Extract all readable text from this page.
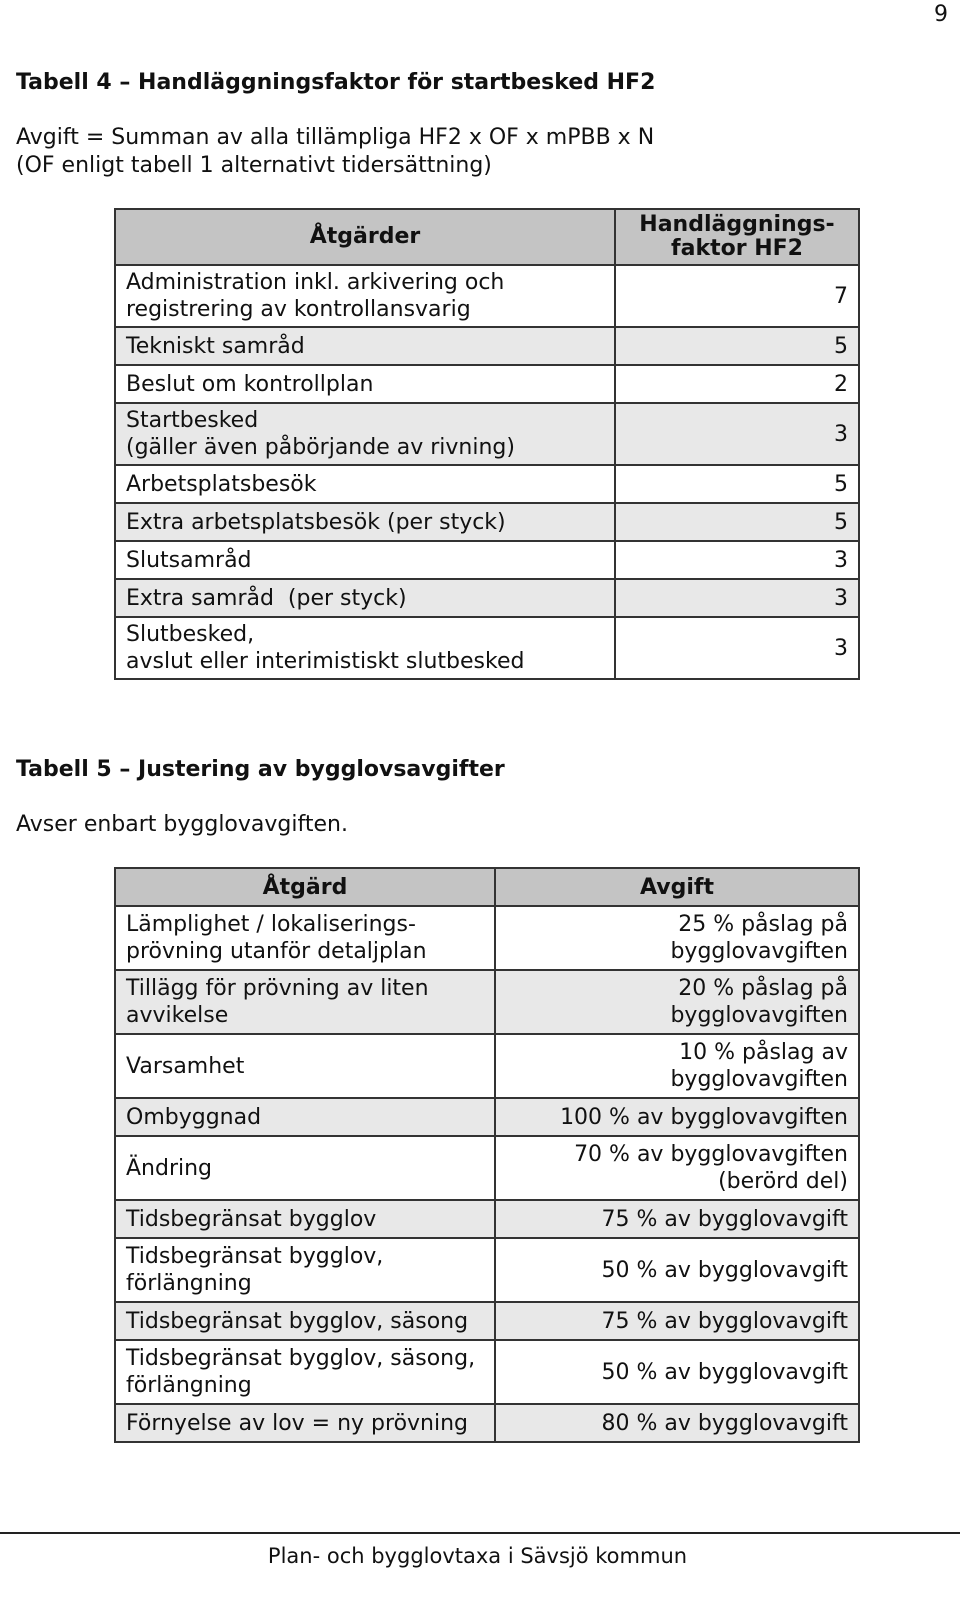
9
Tabell 4 – Handläggningsfaktor för startbesked HF2
Avgift = Summan av alla tillämpliga HF2 x OF x mPBB x N
(OF enligt tabell 1 alternativt tidersättning)
Åtgärder	Handläggnings-
faktor HF2
Administration inkl. arkivering och
registrering av kontrollansvarig	7
Tekniskt samråd	5
Beslut om kontrollplan	2
Startbesked
(gäller även påbörjande av rivning)	3
Arbetsplatsbesök	5
Extra arbetsplatsbesök (per styck)	5
Slutsamråd	3
Extra samråd  (per styck)	3
Slutbesked,
avslut eller interimistiskt slutbesked	3
Tabell 5 – Justering av bygglovsavgifter
Avser enbart bygglovavgiften.
Åtgärd	Avgift
Lämplighet / lokaliserings-
prövning utanför detaljplan	25 % påslag på
bygglovavgiften
Tillägg för prövning av liten
avvikelse	20 % påslag på
bygglovavgiften
Varsamhet	10 % påslag av
bygglovavgiften
Ombyggnad	100 % av bygglovavgiften
Ändring	70 % av bygglovavgiften
(berörd del)
Tidsbegränsat bygglov	75 % av bygglovavgift
Tidsbegränsat bygglov,
förlängning	50 % av bygglovavgift
Tidsbegränsat bygglov, säsong	75 % av bygglovavgift
Tidsbegränsat bygglov, säsong,
förlängning	50 % av bygglovavgift
Förnyelse av lov = ny prövning	80 % av bygglovavgift
Plan- och bygglovtaxa i Sävsjö kommun
